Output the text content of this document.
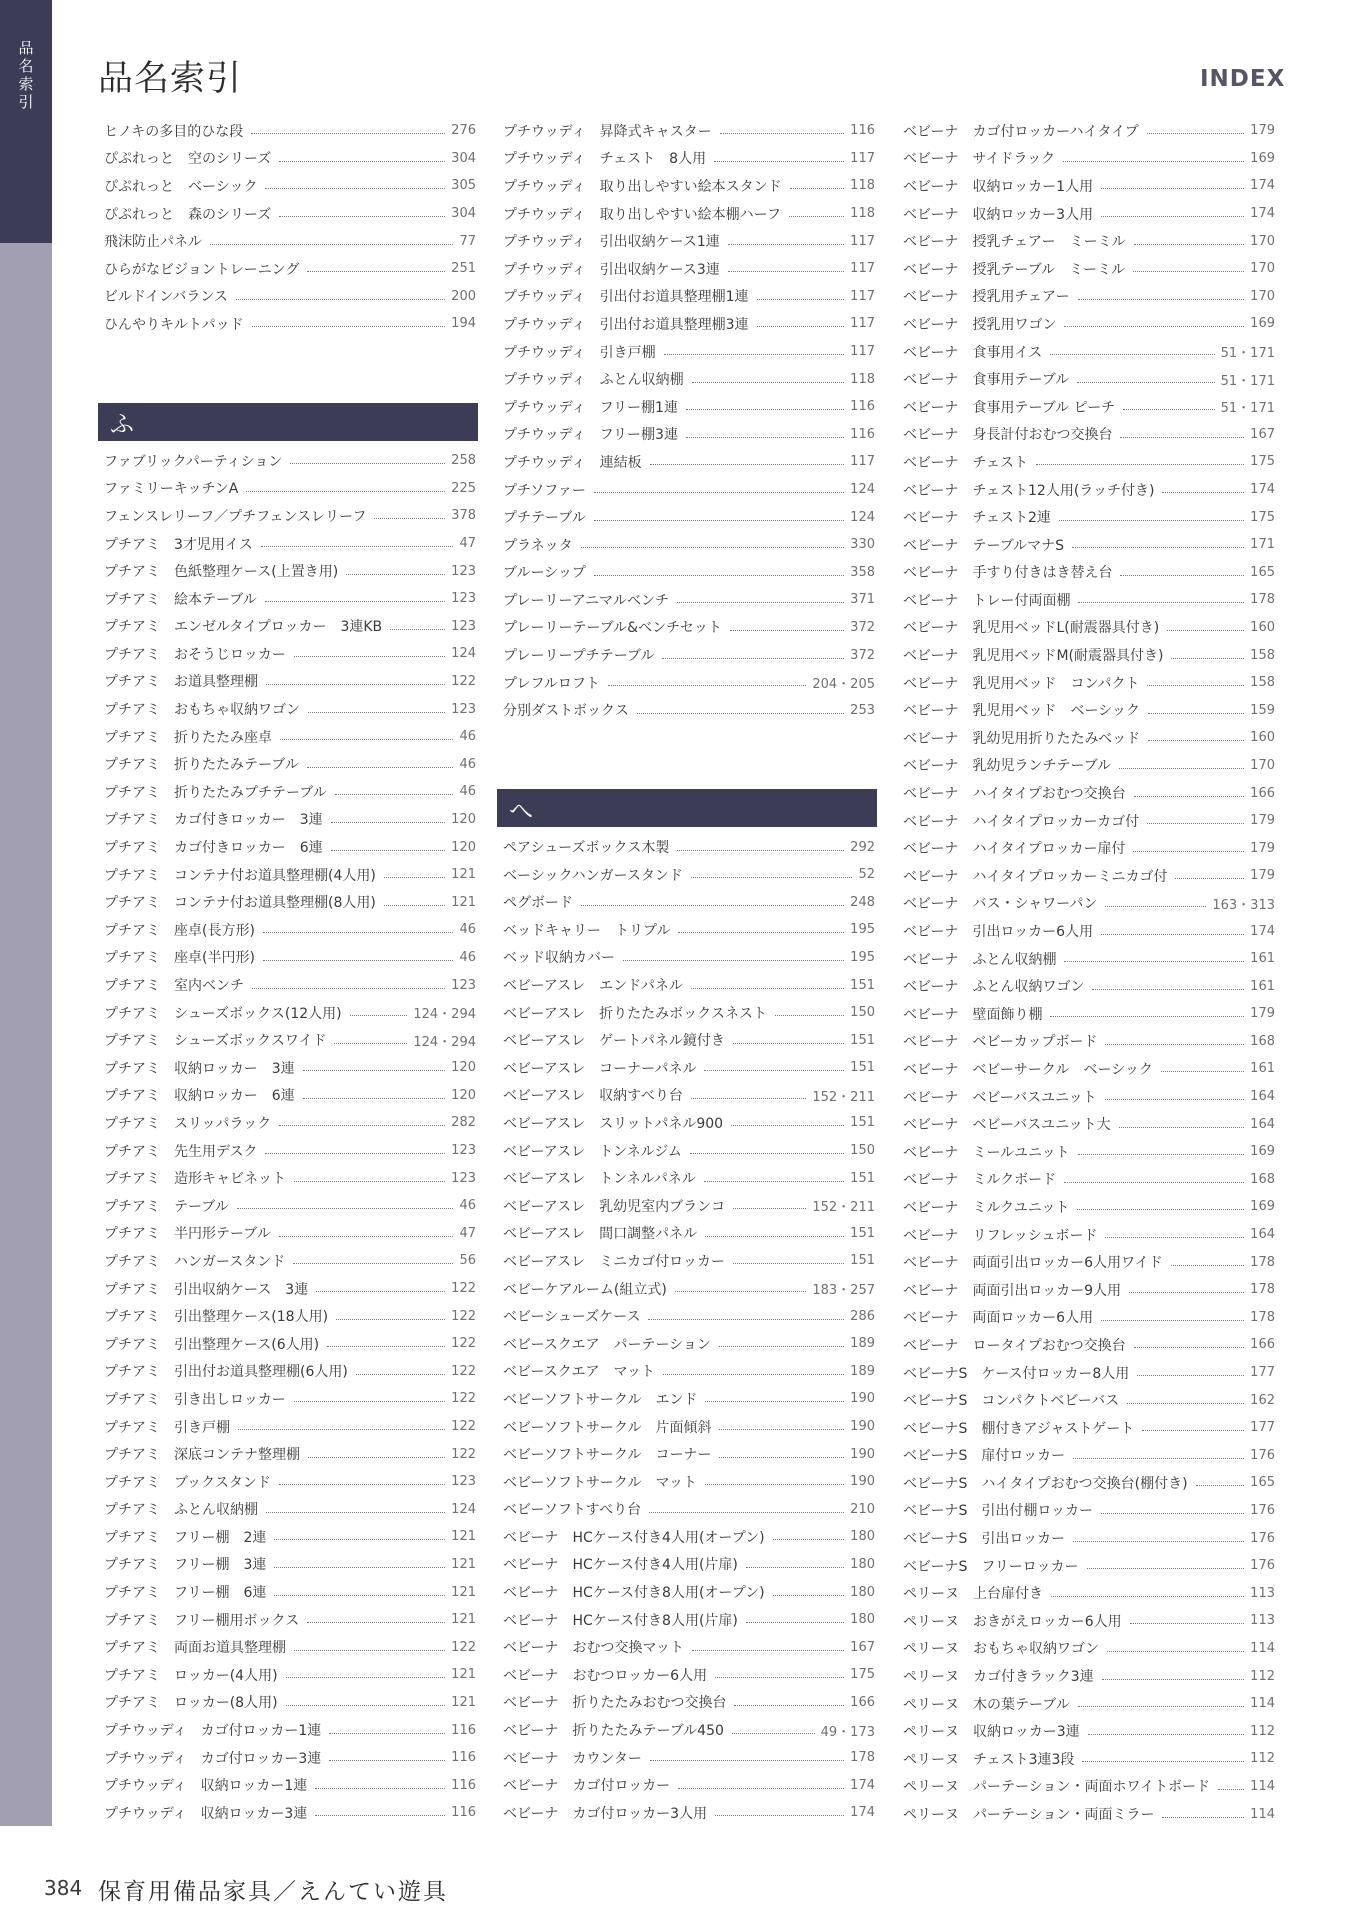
品名索引 品名索引	INDEX
ヒノキの多目的ひな段	276
ぴぷれっと　空のシリーズ	304
ぴぷれっと　ベーシック	305
ぴぷれっと　森のシリーズ	304
飛沫防止パネル	77
ひらがなビジョントレーニング	251
ビルドインバランス	200
ひんやりキルトパッド	194
ふ
ファブリックパーティション	258
ファミリーキッチンA	225
フェンスレリーフ／プチフェンスレリーフ	378
プチアミ　3才児用イス	47
プチアミ　色紙整理ケース(上置き用)	123
プチアミ　絵本テーブル	123
プチアミ　エンゼルタイプロッカー　3連KB	123
プチアミ　おそうじロッカー	124
プチアミ　お道具整理棚	122
プチアミ　おもちゃ収納ワゴン	123
プチアミ　折りたたみ座卓	46
プチアミ　折りたたみテーブル	46
プチアミ　折りたたみプチテーブル	46
プチアミ　カゴ付きロッカー　3連	120
プチアミ　カゴ付きロッカー　6連	120
プチアミ　コンテナ付お道具整理棚(4人用)	121
プチアミ　コンテナ付お道具整理棚(8人用)	121
プチアミ　座卓(長方形)	46
プチアミ　座卓(半円形)	46
プチアミ　室内ベンチ	123
プチアミ　シューズボックス(12人用)	124・294
プチアミ　シューズボックスワイド	124・294
プチアミ　収納ロッカー　3連	120
プチアミ　収納ロッカー　6連	120
プチアミ　スリッパラック	282
プチアミ　先生用デスク	123
プチアミ　造形キャビネット	123
プチアミ　テーブル	46
プチアミ　半円形テーブル	47
プチアミ　ハンガースタンド	56
プチアミ　引出収納ケース　3連	122
プチアミ　引出整理ケース(18人用)	122
プチアミ　引出整理ケース(6人用)	122
プチアミ　引出付お道具整理棚(6人用)	122
プチアミ　引き出しロッカー	122
プチアミ　引き戸棚	122
プチアミ　深底コンテナ整理棚	122
プチアミ　ブックスタンド	123
プチアミ　ふとん収納棚	124
プチアミ　フリー棚　2連	121
プチアミ　フリー棚　3連	121
プチアミ　フリー棚　6連	121
プチアミ　フリー棚用ボックス	121
プチアミ　両面お道具整理棚	122
プチアミ　ロッカー(4人用)	121
プチアミ　ロッカー(8人用)	121
プチウッディ　カゴ付ロッカー1連	116
プチウッディ　カゴ付ロッカー3連	116
プチウッディ　収納ロッカー1連	116
プチウッディ　収納ロッカー3連	116
プチウッディ　昇降式キャスター	116
プチウッディ　チェスト　8人用	117
プチウッディ　取り出しやすい絵本スタンド	118
プチウッディ　取り出しやすい絵本棚ハーフ	118
プチウッディ　引出収納ケース1連	117
プチウッディ　引出収納ケース3連	117
プチウッディ　引出付お道具整理棚1連	117
プチウッディ　引出付お道具整理棚3連	117
プチウッディ　引き戸棚	117
プチウッディ　ふとん収納棚	118
プチウッディ　フリー棚1連	116
プチウッディ　フリー棚3連	116
プチウッディ　連結板	117
プチソファー	124
プチテーブル	124
プラネッタ	330
ブルーシップ	358
プレーリーアニマルベンチ	371
プレーリーテーブル&ベンチセット	372
プレーリープチテーブル	372
プレフルロフト	204・205
分別ダストボックス	253
へ
ペアシューズボックス木製	292
ベーシックハンガースタンド	52
ペグボード	248
ベッドキャリー　トリプル	195
ベッド収納カバー	195
ベビーアスレ　エンドパネル	151
ベビーアスレ　折りたたみボックスネスト	150
ベビーアスレ　ゲートパネル鏡付き	151
ベビーアスレ　コーナーパネル	151
ベビーアスレ　収納すべり台	152・211
ベビーアスレ　スリットパネル900	151
ベビーアスレ　トンネルジム	150
ベビーアスレ　トンネルパネル	151
ベビーアスレ　乳幼児室内ブランコ	152・211
ベビーアスレ　間口調整パネル	151
ベビーアスレ　ミニカゴ付ロッカー	151
ベビーケアルーム(組立式)	183・257
ベビーシューズケース	286
ベビースクエア　パーテーション	189
ベビースクエア　マット	189
ベビーソフトサークル　エンド	190
ベビーソフトサークル　片面傾斜	190
ベビーソフトサークル　コーナー	190
ベビーソフトサークル　マット	190
ベビーソフトすべり台	210
ベビーナ　HCケース付き4人用(オープン)	180
ベビーナ　HCケース付き4人用(片扉)	180
ベビーナ　HCケース付き8人用(オープン)	180
ベビーナ　HCケース付き8人用(片扉)	180
ベビーナ　おむつ交換マット	167
ベビーナ　おむつロッカー6人用	175
ベビーナ　折りたたみおむつ交換台	166
ベビーナ　折りたたみテーブル450	49・173
ベビーナ　カウンター	178
ベビーナ　カゴ付ロッカー	174
ベビーナ　カゴ付ロッカー3人用	174
ベビーナ　カゴ付ロッカーハイタイプ	179
ベビーナ　サイドラック	169
ベビーナ　収納ロッカー1人用	174
ベビーナ　収納ロッカー3人用	174
ベビーナ　授乳チェアー　ミーミル	170
ベビーナ　授乳テーブル　ミーミル	170
ベビーナ　授乳用チェアー	170
ベビーナ　授乳用ワゴン	169
ベビーナ　食事用イス	51・171
ベビーナ　食事用テーブル	51・171
ベビーナ　食事用テーブル ピーチ	51・171
ベビーナ　身長計付おむつ交換台	167
ベビーナ　チェスト	175
ベビーナ　チェスト12人用(ラッチ付き)	174
ベビーナ　チェスト2連	175
ベビーナ　テーブルマナS	171
ベビーナ　手すり付きはき替え台	165
ベビーナ　トレー付両面棚	178
ベビーナ　乳児用ベッドL(耐震器具付き)	160
ベビーナ　乳児用ベッドM(耐震器具付き)	158
ベビーナ　乳児用ベッド　コンパクト	158
ベビーナ　乳児用ベッド　ベーシック	159
ベビーナ　乳幼児用折りたたみベッド	160
ベビーナ　乳幼児ランチテーブル	170
ベビーナ　ハイタイプおむつ交換台	166
ベビーナ　ハイタイプロッカーカゴ付	179
ベビーナ　ハイタイプロッカー扉付	179
ベビーナ　ハイタイプロッカーミニカゴ付	179
ベビーナ　バス・シャワーパン	163・313
ベビーナ　引出ロッカー6人用	174
ベビーナ　ふとん収納棚	161
ベビーナ　ふとん収納ワゴン	161
ベビーナ　壁面飾り棚	179
ベビーナ　ベビーカップボード	168
ベビーナ　ベビーサークル　ベーシック	161
ベビーナ　ベビーバスユニット	164
ベビーナ　ベビーバスユニット大	164
ベビーナ　ミールユニット	169
ベビーナ　ミルクボード	168
ベビーナ　ミルクユニット	169
ベビーナ　リフレッシュボード	164
ベビーナ　両面引出ロッカー6人用ワイド	178
ベビーナ　両面引出ロッカー9人用	178
ベビーナ　両面ロッカー6人用	178
ベビーナ　ロータイプおむつ交換台	166
ベビーナS　ケース付ロッカー8人用	177
ベビーナS　コンパクトベビーバス	162
ベビーナS　棚付きアジャストゲート	177
ベビーナS　扉付ロッカー	176
ベビーナS　ハイタイプおむつ交換台(棚付き)	165
ベビーナS　引出付棚ロッカー	176
ベビーナS　引出ロッカー	176
ベビーナS　フリーロッカー	176
ペリーヌ　上台扉付き	113
ペリーヌ　おきがえロッカー6人用	113
ペリーヌ　おもちゃ収納ワゴン	114
ペリーヌ　カゴ付きラック3連	112
ペリーヌ　木の葉テーブル	114
ペリーヌ　収納ロッカー3連	112
ペリーヌ　チェスト3連3段	112
ペリーヌ　パーテーション・両面ホワイトボード	114
ペリーヌ　パーテーション・両面ミラー	114
384 保育用備品家具／えんてい遊具
